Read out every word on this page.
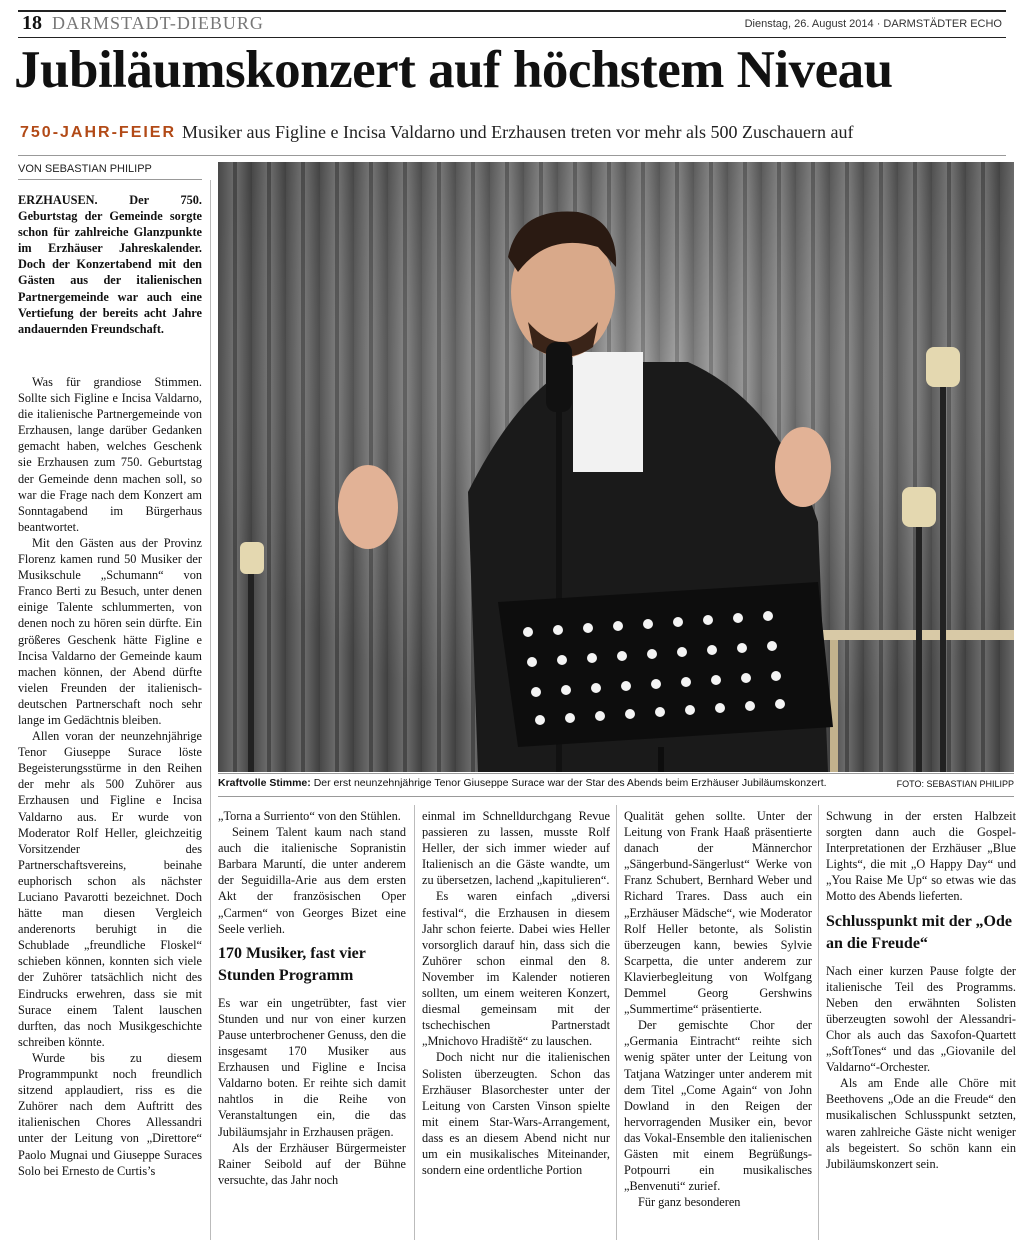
18 DARMSTADT-DIEBURG	Dienstag, 26. August 2014 · DARMSTÄDTER ECHO
Jubiläumskonzert auf höchstem Niveau
750-JAHR-FEIER Musiker aus Figline e Incisa Valdarno und Erzhausen treten vor mehr als 500 Zuschauern auf
VON SEBASTIAN PHILIPP
ERZHAUSEN. Der 750. Geburtstag der Gemeinde sorgte schon für zahlreiche Glanzpunkte im Erzhäuser Jahreskalender. Doch der Konzertabend mit den Gästen aus der italienischen Partnergemeinde war auch eine Vertiefung der bereits acht Jahre andauernden Freundschaft.

Was für grandiose Stimmen. Sollte sich Figline e Incisa Valdarno, die italienische Partnergemeinde von Erzhausen, lange darüber Gedanken gemacht haben, welches Geschenk sie Erzhausen zum 750. Geburtstag der Gemeinde denn machen soll, so war die Frage nach dem Konzert am Sonntagabend im Bürgerhaus beantwortet.

Mit den Gästen aus der Provinz Florenz kamen rund 50 Musiker der Musikschule „Schumann“ von Franco Berti zu Besuch, unter denen einige Talente schlummerten, von denen noch zu hören sein dürfte. Ein größeres Geschenk hätte Figline e Incisa Valdarno der Gemeinde kaum machen können, der Abend dürfte vielen Freunden der italienisch-deutschen Partnerschaft noch sehr lange im Gedächtnis bleiben.

Allen voran der neunzehnjährige Tenor Giuseppe Surace löste Begeisterungsstürme in den Reihen der mehr als 500 Zuhörer aus Erzhausen und Figline e Incisa Valdarno aus. Er wurde von Moderator Rolf Heller, gleichzeitig Vorsitzender des Partnerschaftsvereins, beinahe euphorisch schon als nächster Luciano Pavarotti bezeichnet. Doch hätte man diesen Vergleich anderenorts beruhigt in die Schublade „freundliche Floskel“ schieben können, konnten sich viele der Zuhörer tatsächlich nicht des Eindrucks erwehren, dass sie mit Surace einem Talent lauschen durften, das noch Musikgeschichte schreiben könnte.

Wurde bis zu diesem Programmpunkt noch freundlich sitzend applaudiert, riss es die Zuhörer nach dem Auftritt des italienischen Chores Allessandri unter der Leitung von „Direttore“ Paolo Mugnai und Giuseppe Suraces Solo bei Ernesto de Curtis’s

Kraftvolle Stimme: Der erst neunzehnjährige Tenor Giuseppe Surace war der Star des Abends beim Erzhäuser Jubiläumskonzert.	FOTO: SEBASTIAN PHILIPP

„Torna a Surriento“ von den Stühlen.

Seinem Talent kaum nach stand auch die italienische Sopranistin Barbara Maruntí, die unter anderem der Seguidilla-Arie aus dem ersten Akt der französischen Oper „Carmen“ von Georges Bizet eine Seele verlieh.

170 Musiker, fast vier Stunden Programm

Es war ein ungetrübter, fast vier Stunden und nur von einer kurzen Pause unterbrochener Genuss, den die insgesamt 170 Musiker aus Erzhausen und Figline e Incisa Valdarno boten. Er reihte sich damit nahtlos in die Reihe von Veranstaltungen ein, die das Jubiläumsjahr in Erzhausen prägen.

Als der Erzhäuser Bürgermeister Rainer Seibold auf der Bühne versuchte, das Jahr noch

einmal im Schnelldurchgang Revue passieren zu lassen, musste Rolf Heller, der sich immer wieder auf Italienisch an die Gäste wandte, um zu übersetzen, lachend „kapitulieren“.

Es waren einfach „diversi festival“, die Erzhausen in diesem Jahr schon feierte. Dabei wies Heller vorsorglich darauf hin, dass sich die Zuhörer schon einmal den 8. November im Kalender notieren sollten, um einem weiteren Konzert, diesmal gemeinsam mit der tschechischen Partnerstadt „Mnichovo Hradiště“ zu lauschen.

Doch nicht nur die italienischen Solisten überzeugten. Schon das Erzhäuser Blasorchester unter der Leitung von Carsten Vinson spielte mit einem Star-Wars-Arrangement, dass es an diesem Abend nicht nur um ein musikalisches Miteinander, sondern eine ordentliche Portion

Qualität gehen sollte. Unter der Leitung von Frank Haaß präsentierte danach der Männerchor „Sängerbund-Sängerlust“ Werke von Franz Schubert, Bernhard Weber und Richard Trares. Dass auch ein „Erzhäuser Mädsche“, wie Moderator Rolf Heller betonte, als Solistin überzeugen kann, bewies Sylvie Scarpetta, die unter anderem zur Klavierbegleitung von Wolfgang Demmel Georg Gershwins „Summertime“ präsentierte.

Der gemischte Chor der „Germania Eintracht“ reihte sich wenig später unter der Leitung von Tatjana Watzinger unter anderem mit dem Titel „Come Again“ von John Dowland in den Reigen der hervorragenden Musiker ein, bevor das Vokal-Ensemble den italienischen Gästen mit einem Begrüßungs-Potpourri ein musikalisches „Benvenuti“ zurief.

Für ganz besonderen

Schwung in der ersten Halbzeit sorgten dann auch die Gospel-Interpretationen der Erzhäuser „Blue Lights“, die mit „O Happy Day“ und „You Raise Me Up“ so etwas wie das Motto des Abends lieferten.

Schlusspunkt mit der „Ode an die Freude“

Nach einer kurzen Pause folgte der italienische Teil des Programms. Neben den erwähnten Solisten überzeugten sowohl der Alessandri-Chor als auch das Saxofon-Quartett „SoftTones“ und das „Giovanile del Valdarno“-Orchester.

Als am Ende alle Chöre mit Beethovens „Ode an die Freude“ den musikalischen Schlusspunkt setzten, waren zahlreiche Gäste nicht weniger als begeistert. So schön kann ein Jubiläumskonzert sein.
